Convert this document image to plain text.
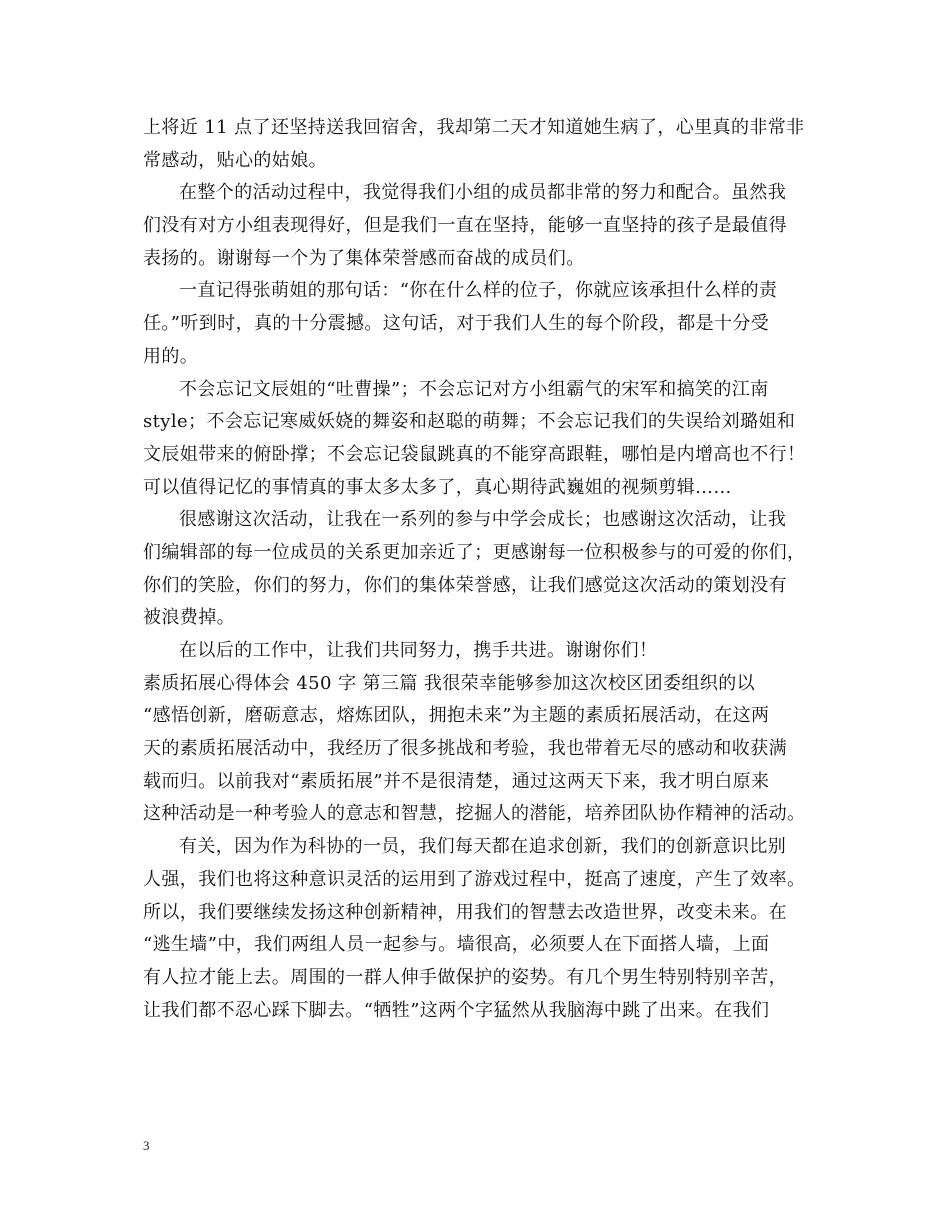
上将近 11 点了还坚持送我回宿舍，我却第二天才知道她生病了，心里真的非常非
常感动，贴心的姑娘。
在整个的活动过程中，我觉得我们小组的成员都非常的努力和配合。虽然我
们没有对方小组表现得好，但是我们一直在坚持，能够一直坚持的孩子是最值得
表扬的。谢谢每一个为了集体荣誉感而奋战的成员们。
一直记得张萌姐的那句话：“你在什么样的位子，你就应该承担什么样的责
任。”听到时，真的十分震撼。这句话，对于我们人生的每个阶段，都是十分受
用的。
不会忘记文辰姐的“吐曹操”；不会忘记对方小组霸气的宋军和搞笑的江南
style；不会忘记寒威妖娆的舞姿和赵聪的萌舞；不会忘记我们的失误给刘璐姐和
文辰姐带来的俯卧撑；不会忘记袋鼠跳真的不能穿高跟鞋，哪怕是内增高也不行！
可以值得记忆的事情真的事太多太多了，真心期待武巍姐的视频剪辑……
很感谢这次活动，让我在一系列的参与中学会成长；也感谢这次活动，让我
们编辑部的每一位成员的关系更加亲近了；更感谢每一位积极参与的可爱的你们，
你们的笑脸，你们的努力，你们的集体荣誉感，让我们感觉这次活动的策划没有
被浪费掉。
在以后的工作中，让我们共同努力，携手共进。谢谢你们！
素质拓展心得体会 450 字 第三篇 我很荣幸能够参加这次校区团委组织的以
“感悟创新，磨砺意志，熔炼团队，拥抱未来”为主题的素质拓展活动，在这两
天的素质拓展活动中，我经历了很多挑战和考验，我也带着无尽的感动和收获满
载而归。以前我对“素质拓展”并不是很清楚，通过这两天下来，我才明白原来
这种活动是一种考验人的意志和智慧，挖掘人的潜能，培养团队协作精神的活动。
有关，因为作为科协的一员，我们每天都在追求创新，我们的创新意识比别
人强，我们也将这种意识灵活的运用到了游戏过程中，挺高了速度，产生了效率。
所以，我们要继续发扬这种创新精神，用我们的智慧去改造世界，改变未来。在
“逃生墙”中，我们两组人员一起参与。墙很高，必须要人在下面搭人墙，上面
有人拉才能上去。周围的一群人伸手做保护的姿势。有几个男生特别特别辛苦，
让我们都不忍心踩下脚去。“牺牲”这两个字猛然从我脑海中跳了出来。在我们
3
